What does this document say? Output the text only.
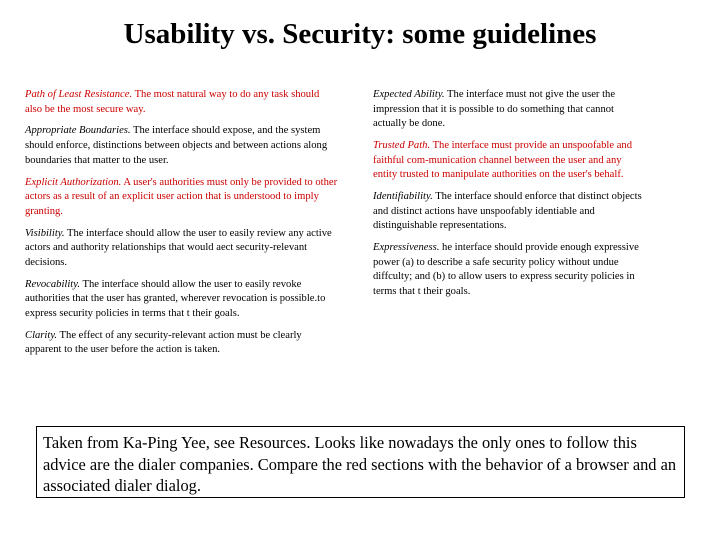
Usability vs. Security: some guidelines

Path of Least Resistance. The most natural way to do any task should also be the most secure way.

Appropriate Boundaries. The interface should expose, and the system should enforce, distinctions between objects and between actions along boundaries that matter to the user.

Explicit Authorization. A user's authorities must only be provided to other actors as a result of an explicit user action that is understood to imply granting.

Visibility. The interface should allow the user to easily review any active actors and authority relationships that would aect security-relevant decisions.

Revocability. The interface should allow the user to easily revoke authorities that the user has granted, wherever revocation is possible.to express security policies in terms that t their goals.

Clarity. The effect of any security-relevant action must be clearly apparent to the user before the action is taken.

Expected Ability. The interface must not give the user the impression that it is possible to do something that cannot actually be done.

Trusted Path. The interface must provide an unspoofable and faithful com-munication channel between the user and any entity trusted to manipulate authorities on the user's behalf.

Identifiability. The interface should enforce that distinct objects and distinct actions have unspoofably identiable and distinguishable representations.

Expressiveness. he interface should provide enough expressive power (a) to describe a safe security policy without undue diffculty; and (b) to allow users to express security policies in terms that t their goals.

Taken from Ka-Ping Yee, see Resources. Looks like nowadays the only ones to follow this advice are the dialer companies. Compare the red sections with the behavior of a browser and an associated dialer dialog.
